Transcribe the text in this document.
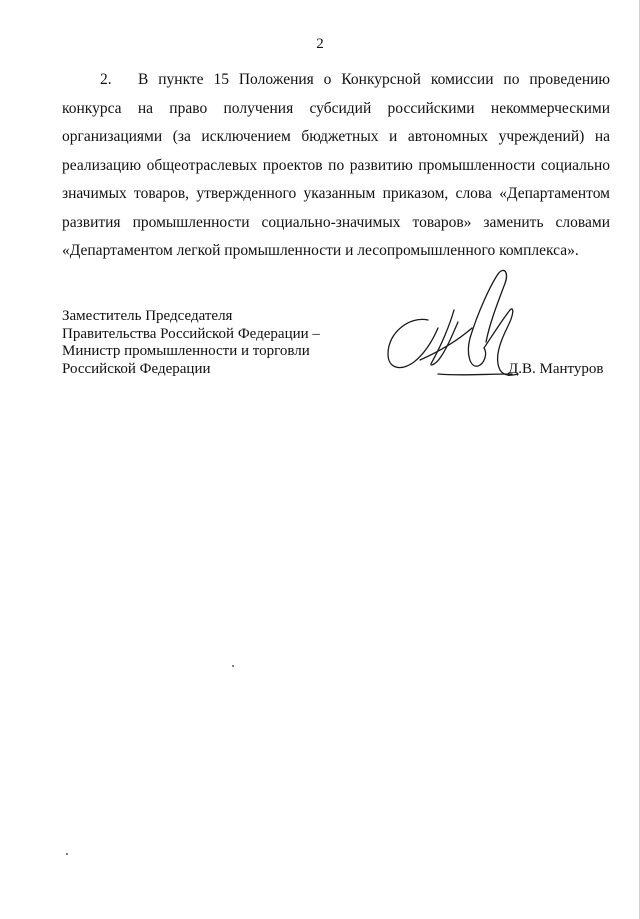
2

2. В пункте 15 Положения о Конкурсной комиссии по проведению конкурса на право получения субсидий российскими некоммерческими организациями (за исключением бюджетных и автономных учреждений) на реализацию общеотраслевых проектов по развитию промышленности социально значимых товаров, утвержденного указанным приказом, слова «Департаментом развития промышленности социально-значимых товаров» заменить словами «Департаментом легкой промышленности и лесопромышленного комплекса».

Заместитель Председателя
Правительства Российской Федерации –
Министр промышленности и торговли
Российской Федерации	Д.В. Мантуров
